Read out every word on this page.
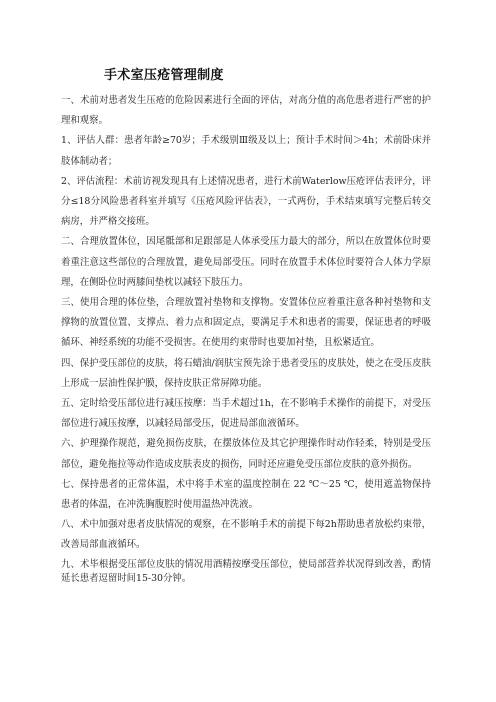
手术室压疮管理制度

一、术前对患者发生压疮的危险因素进行全面的评估，对高分值的高危患者进行严密的护理和观察。

1、评估人群：患者年龄≥70岁；手术级别Ⅲ级及以上；预计手术时间＞4h；术前卧床并肢体制动者；

2、评估流程：术前访视发现具有上述情况患者，进行术前Waterlow压疮评估表评分，评分≤18分风险患者科室并填写《压疮风险评估表》，一式两份，手术结束填写完整后转交病房，并严格交接班。

二、合理放置体位，因尾骶部和足跟部是人体承受压力最大的部分，所以在放置体位时要着重注意这些部位的合理放置，避免局部受压。同时在放置手术体位时要符合人体力学原理，在侧卧位时两膝间垫枕以减轻下肢压力。

三、使用合理的体位垫，合理放置衬垫物和支撑物。安置体位应着重注意各种衬垫物和支撑物的放置位置、支撑点、着力点和固定点，要满足手术和患者的需要，保证患者的呼吸循环、神经系统的功能不受损害。在使用约束带时也要加衬垫，且松紧适宜。

四、保护受压部位的皮肤，将石蜡油/润肤宝预先涂于患者受压的皮肤处，使之在受压皮肤上形成一层油性保护膜，保持皮肤正常屏障功能。

五、定时给受压部位进行减压按摩：当手术超过1h，在不影响手术操作的前提下，对受压部位进行减压按摩，以减轻局部受压，促进局部血液循环。

六、护理操作规范，避免损伤皮肤，在摆放体位及其它护理操作时动作轻柔，特别是受压部位，避免拖拉等动作造成皮肤表皮的损伤，同时还应避免受压部位皮肤的意外损伤。

七、保持患者的正常体温，术中将手术室的温度控制在 22 ℃～25 ℃，使用遮盖物保持患者的体温，在冲洗胸腹腔时使用温热冲洗液。

八、术中加强对患者皮肤情况的观察，在不影响手术的前提下每2h帮助患者放松约束带，改善局部血液循环。

九、术毕根据受压部位皮肤的情况用酒精按摩受压部位，使局部营养状况得到改善，酌情延长患者逗留时间15-30分钟。
